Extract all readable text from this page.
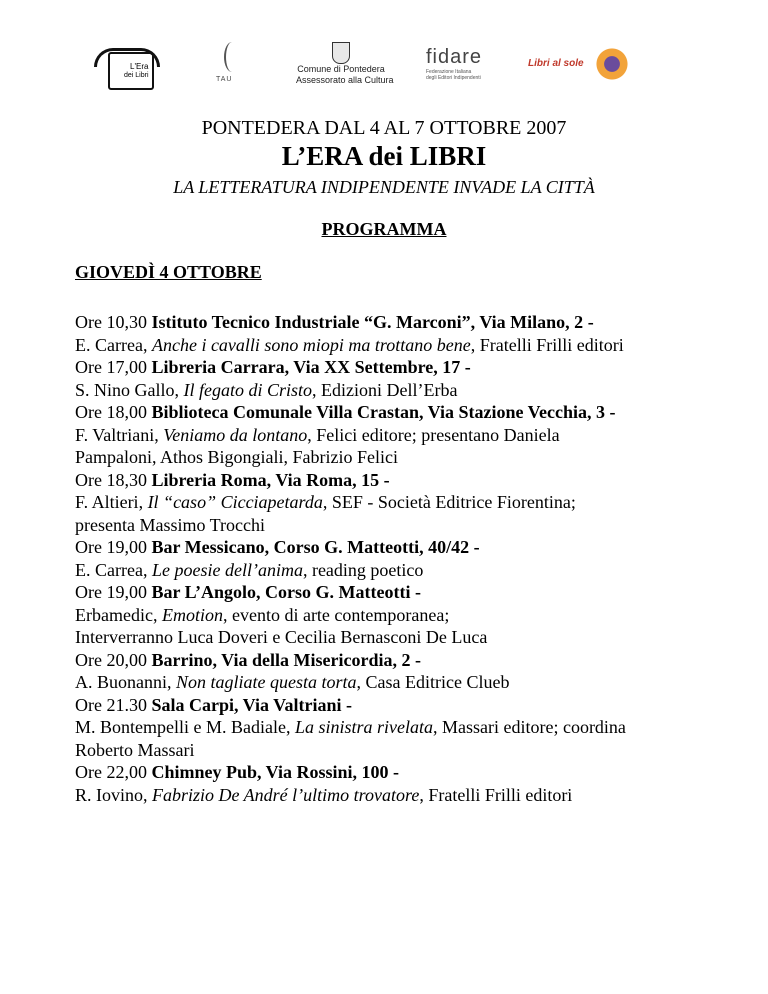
L'Era
dei Libri
TAU
Comune di Pontedera
Assessorato alla Cultura
fidare
Federazione Italiana
degli Editori Indipendenti
Libri al sole
PONTEDERA DAL 4 AL 7 OTTOBRE 2007
L’ERA dei LIBRI
LA LETTERATURA INDIPENDENTE INVADE LA CITTÀ
PROGRAMMA
GIOVEDÌ 4 OTTOBRE
Ore 10,30 Istituto Tecnico Industriale “G. Marconi”, Via Milano, 2 -
E. Carrea, Anche i cavalli sono miopi ma trottano bene, Fratelli Frilli editori
Ore 17,00 Libreria Carrara, Via XX Settembre, 17 -
S. Nino Gallo, Il fegato di Cristo, Edizioni Dell’Erba
Ore 18,00 Biblioteca Comunale Villa Crastan, Via Stazione Vecchia, 3 -
F. Valtriani, Veniamo da lontano, Felici editore; presentano Daniela
Pampaloni, Athos Bigongiali, Fabrizio Felici
Ore 18,30 Libreria Roma, Via Roma, 15 -
F. Altieri, Il “caso” Cicciapetarda, SEF - Società Editrice Fiorentina;
presenta Massimo Trocchi
Ore 19,00 Bar Messicano, Corso G. Matteotti, 40/42 -
E. Carrea, Le poesie dell’anima, reading poetico
Ore 19,00 Bar L’Angolo, Corso G. Matteotti -
Erbamedic, Emotion, evento di arte contemporanea;
Interverranno Luca Doveri e Cecilia Bernasconi De Luca
Ore 20,00 Barrino, Via della Misericordia, 2 -
A. Buonanni, Non tagliate questa torta, Casa Editrice Clueb
Ore 21.30 Sala Carpi, Via Valtriani -
M. Bontempelli e M. Badiale, La sinistra rivelata, Massari editore; coordina
Roberto Massari
Ore 22,00 Chimney Pub, Via Rossini, 100 -
R. Iovino, Fabrizio De André l’ultimo trovatore, Fratelli Frilli editori
